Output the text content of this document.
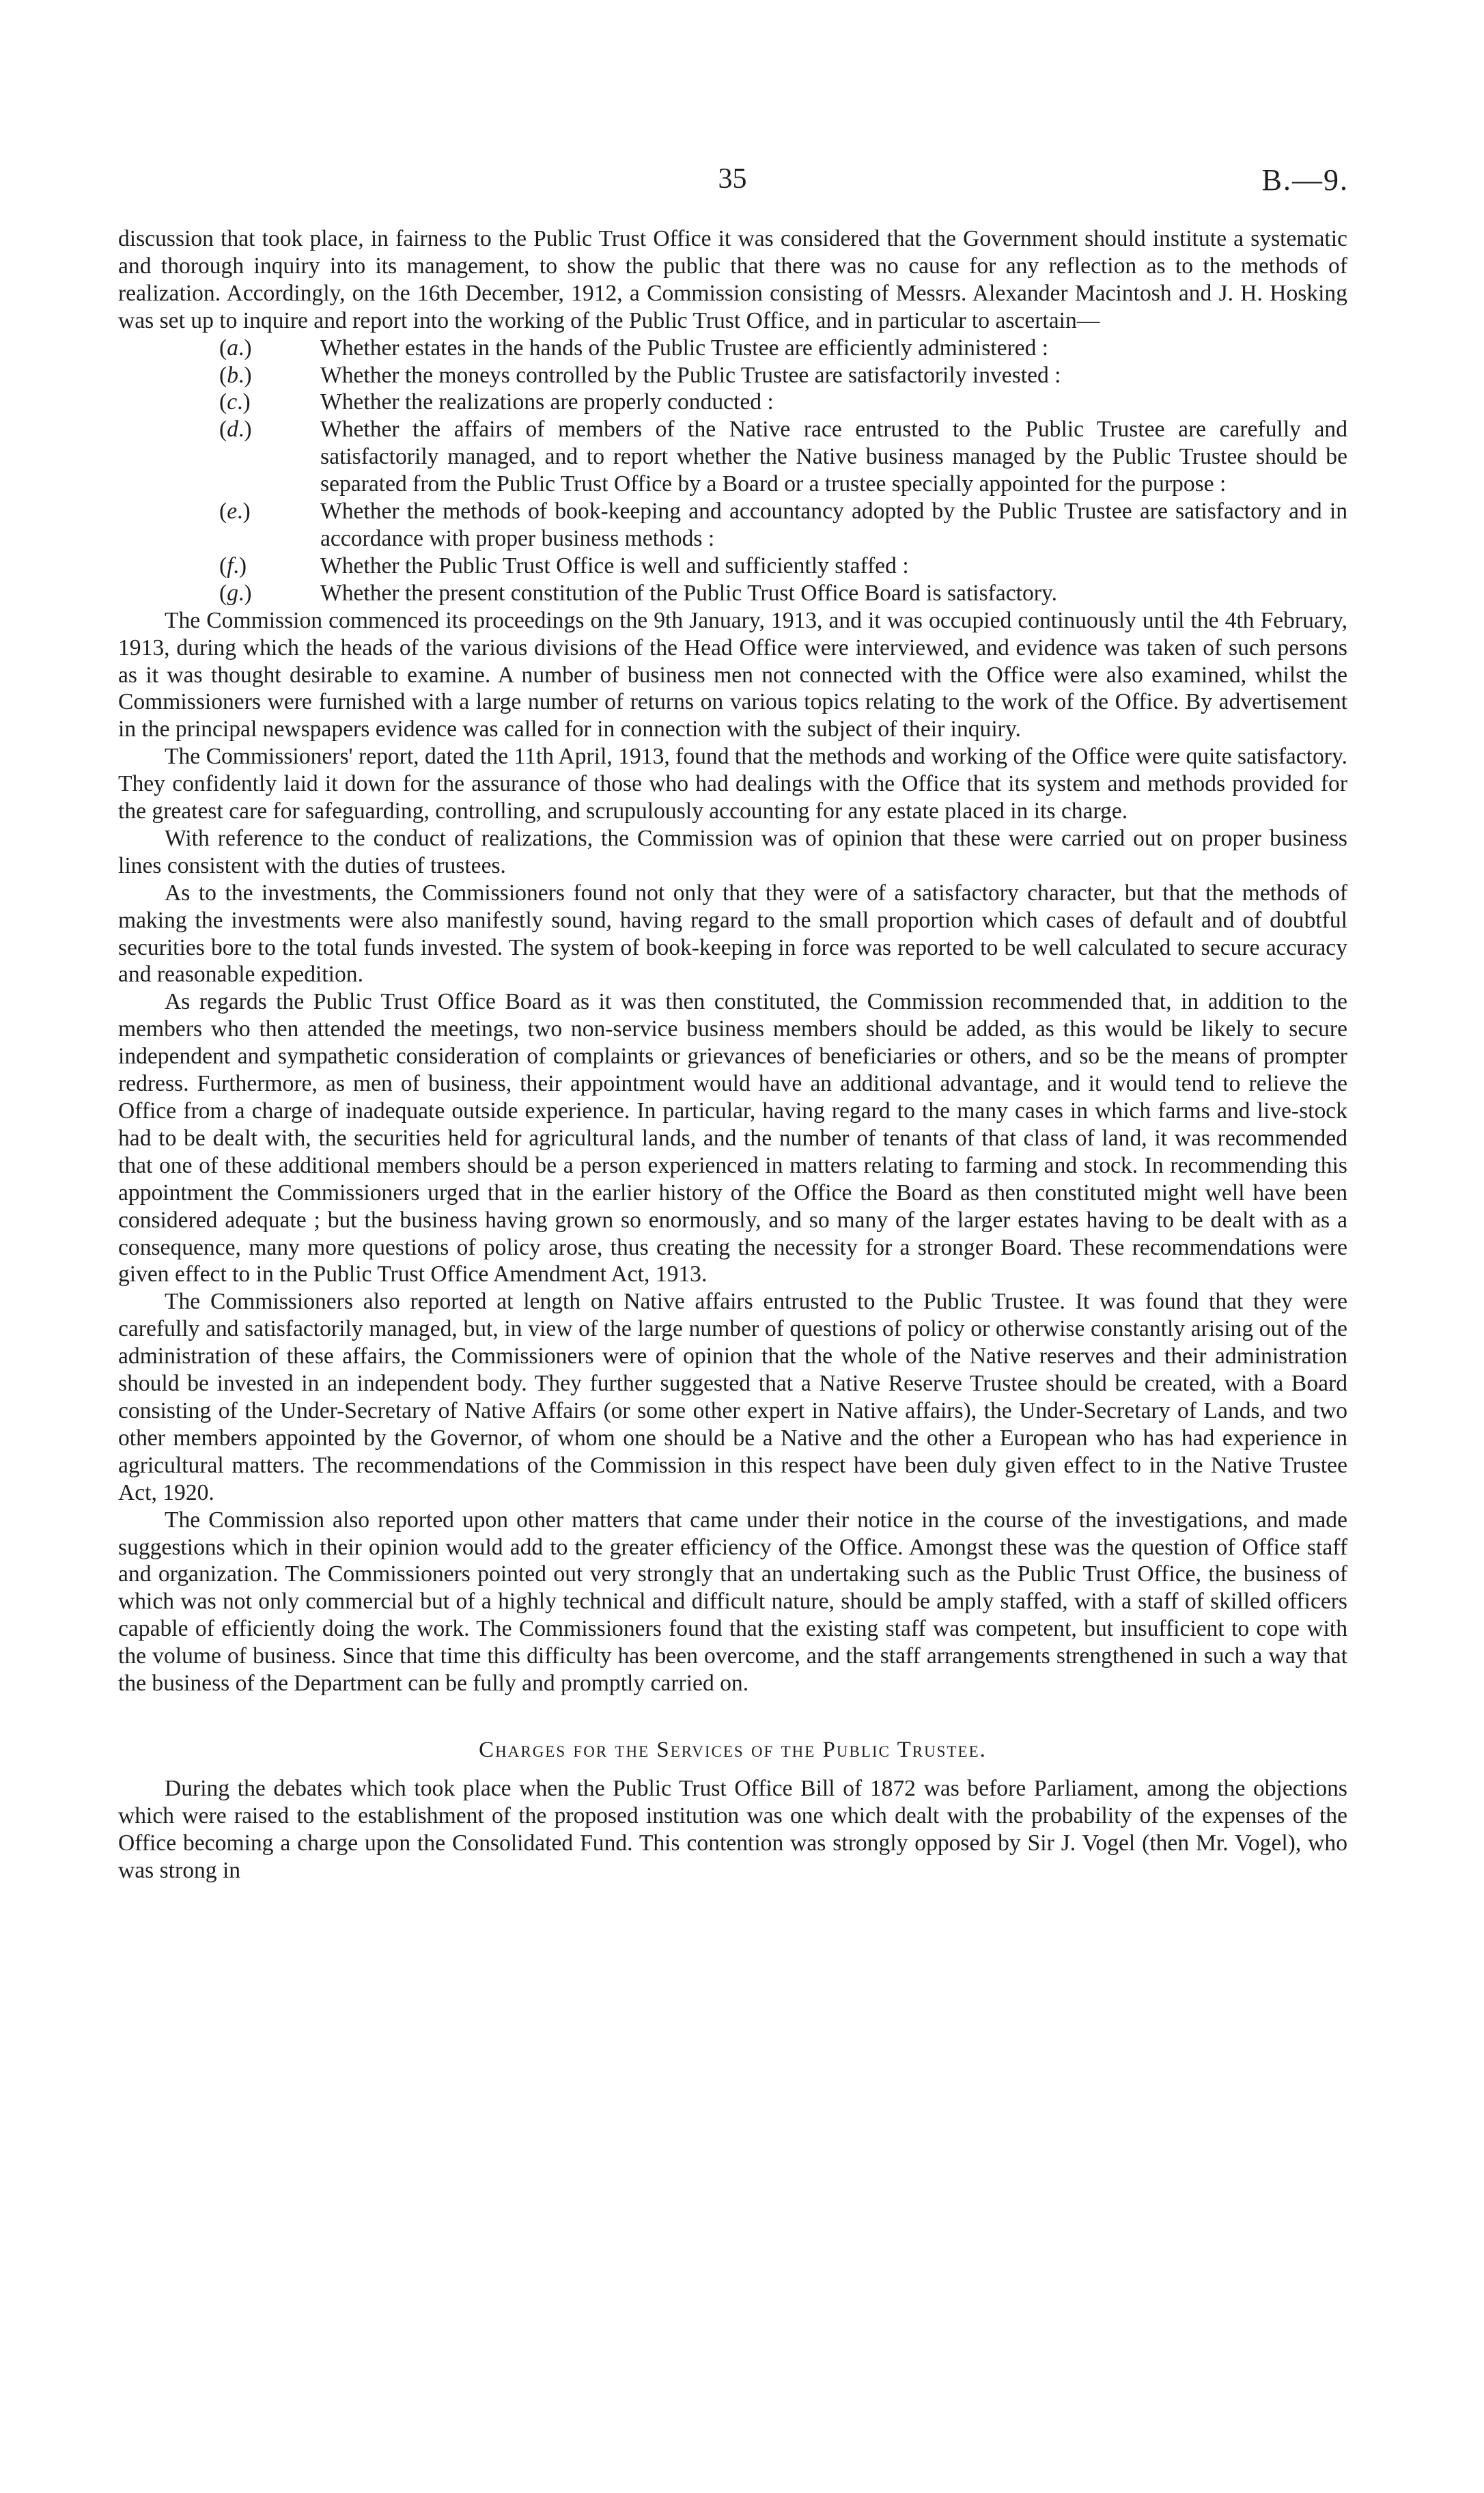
35	B.—9.

discussion that took place, in fairness to the Public Trust Office it was considered that the Government should institute a systematic and thorough inquiry into its management, to show the public that there was no cause for any reflection as to the methods of realization. Accordingly, on the 16th December, 1912, a Commission consisting of Messrs. Alexander Macintosh and J. H. Hosking was set up to inquire and report into the working of the Public Trust Office, and in particular to ascertain—

(a.)	Whether estates in the hands of the Public Trustee are efficiently administered :
(b.)	Whether the moneys controlled by the Public Trustee are satisfactorily invested :
(c.)	Whether the realizations are properly conducted :
(d.)	Whether the affairs of members of the Native race entrusted to the Public Trustee are carefully and satisfactorily managed, and to report whether the Native business managed by the Public Trustee should be separated from the Public Trust Office by a Board or a trustee specially appointed for the purpose :
(e.)	Whether the methods of book-keeping and accountancy adopted by the Public Trustee are satisfactory and in accordance with proper business methods :
(f.)	Whether the Public Trust Office is well and sufficiently staffed :
(g.)	Whether the present constitution of the Public Trust Office Board is satisfactory.

The Commission commenced its proceedings on the 9th January, 1913, and it was occupied continuously until the 4th February, 1913, during which the heads of the various divisions of the Head Office were interviewed, and evidence was taken of such persons as it was thought desirable to examine. A number of business men not connected with the Office were also examined, whilst the Commissioners were furnished with a large number of returns on various topics relating to the work of the Office. By advertisement in the principal newspapers evidence was called for in connection with the subject of their inquiry.

The Commissioners' report, dated the 11th April, 1913, found that the methods and working of the Office were quite satisfactory. They confidently laid it down for the assurance of those who had dealings with the Office that its system and methods provided for the greatest care for safeguarding, controlling, and scrupulously accounting for any estate placed in its charge.

With reference to the conduct of realizations, the Commission was of opinion that these were carried out on proper business lines consistent with the duties of trustees.

As to the investments, the Commissioners found not only that they were of a satisfactory character, but that the methods of making the investments were also manifestly sound, having regard to the small proportion which cases of default and of doubtful securities bore to the total funds invested. The system of book-keeping in force was reported to be well calculated to secure accuracy and reasonable expedition.

As regards the Public Trust Office Board as it was then constituted, the Commission recommended that, in addition to the members who then attended the meetings, two non-service business members should be added, as this would be likely to secure independent and sympathetic consideration of complaints or grievances of beneficiaries or others, and so be the means of prompter redress. Furthermore, as men of business, their appointment would have an additional advantage, and it would tend to relieve the Office from a charge of inadequate outside experience. In particular, having regard to the many cases in which farms and live-stock had to be dealt with, the securities held for agricultural lands, and the number of tenants of that class of land, it was recommended that one of these additional members should be a person experienced in matters relating to farming and stock. In recommending this appointment the Commissioners urged that in the earlier history of the Office the Board as then constituted might well have been considered adequate ; but the business having grown so enormously, and so many of the larger estates having to be dealt with as a consequence, many more questions of policy arose, thus creating the necessity for a stronger Board. These recommendations were given effect to in the Public Trust Office Amendment Act, 1913.

The Commissioners also reported at length on Native affairs entrusted to the Public Trustee. It was found that they were carefully and satisfactorily managed, but, in view of the large number of questions of policy or otherwise constantly arising out of the administration of these affairs, the Commissioners were of opinion that the whole of the Native reserves and their administration should be invested in an independent body. They further suggested that a Native Reserve Trustee should be created, with a Board consisting of the Under-Secretary of Native Affairs (or some other expert in Native affairs), the Under-Secretary of Lands, and two other members appointed by the Governor, of whom one should be a Native and the other a European who has had experience in agricultural matters. The recommendations of the Commission in this respect have been duly given effect to in the Native Trustee Act, 1920.

The Commission also reported upon other matters that came under their notice in the course of the investigations, and made suggestions which in their opinion would add to the greater efficiency of the Office. Amongst these was the question of Office staff and organization. The Commissioners pointed out very strongly that an undertaking such as the Public Trust Office, the business of which was not only commercial but of a highly technical and difficult nature, should be amply staffed, with a staff of skilled officers capable of efficiently doing the work. The Commissioners found that the existing staff was competent, but insufficient to cope with the volume of business. Since that time this difficulty has been overcome, and the staff arrangements strengthened in such a way that the business of the Department can be fully and promptly carried on.

Charges for the Services of the Public Trustee.

During the debates which took place when the Public Trust Office Bill of 1872 was before Parliament, among the objections which were raised to the establishment of the proposed institution was one which dealt with the probability of the expenses of the Office becoming a charge upon the Consolidated Fund. This contention was strongly opposed by Sir J. Vogel (then Mr. Vogel), who was strong in
